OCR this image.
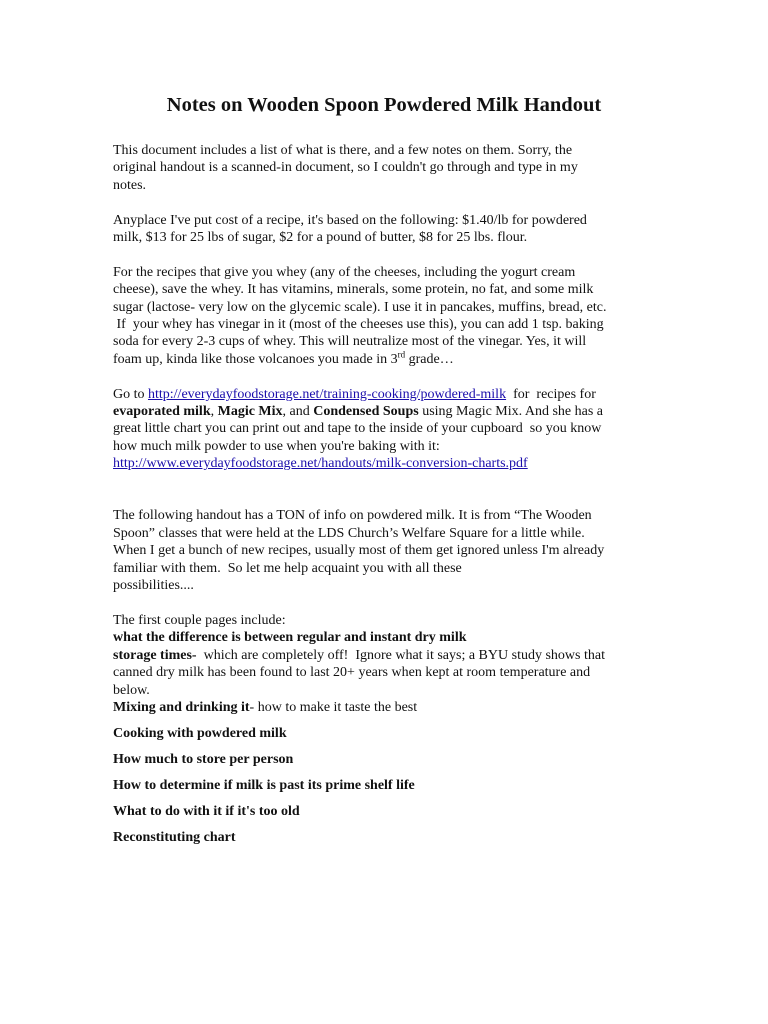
Notes on Wooden Spoon Powdered Milk Handout

This document includes a list of what is there, and a few notes on them. Sorry, the
original handout is a scanned-in document, so I couldn't go through and type in my
notes.

Anyplace I've put cost of a recipe, it's based on the following: $1.40/lb for powdered
milk, $13 for 25 lbs of sugar, $2 for a pound of butter, $8 for 25 lbs. flour.

For the recipes that give you whey (any of the cheeses, including the yogurt cream
cheese), save the whey. It has vitamins, minerals, some protein, no fat, and some milk
sugar (lactose- very low on the glycemic scale). I use it in pancakes, muffins, bread, etc.
If  your whey has vinegar in it (most of the cheeses use this), you can add 1 tsp. baking
soda for every 2-3 cups of whey. This will neutralize most of the vinegar. Yes, it will
foam up, kinda like those volcanoes you made in 3rd grade…

Go to http://everydayfoodstorage.net/training-cooking/powdered-milk  for  recipes for
evaporated milk, Magic Mix, and Condensed Soups using Magic Mix. And she has a
great little chart you can print out and tape to the inside of your cupboard  so you know
how much milk powder to use when you're baking with it:
http://www.everydayfoodstorage.net/handouts/milk-conversion-charts.pdf

The following handout has a TON of info on powdered milk. It is from “The Wooden
Spoon” classes that were held at the LDS Church’s Welfare Square for a little while.
When I get a bunch of new recipes, usually most of them get ignored unless I'm already
familiar with them.  So let me help acquaint you with all these
possibilities....

The first couple pages include:
what the difference is between regular and instant dry milk
storage times-  which are completely off!  Ignore what it says; a BYU study shows that
canned dry milk has been found to last 20+ years when kept at room temperature and
below.
Mixing and drinking it- how to make it taste the best
Cooking with powdered milk
How much to store per person
How to determine if milk is past its prime shelf life
What to do with it if it's too old
Reconstituting chart
